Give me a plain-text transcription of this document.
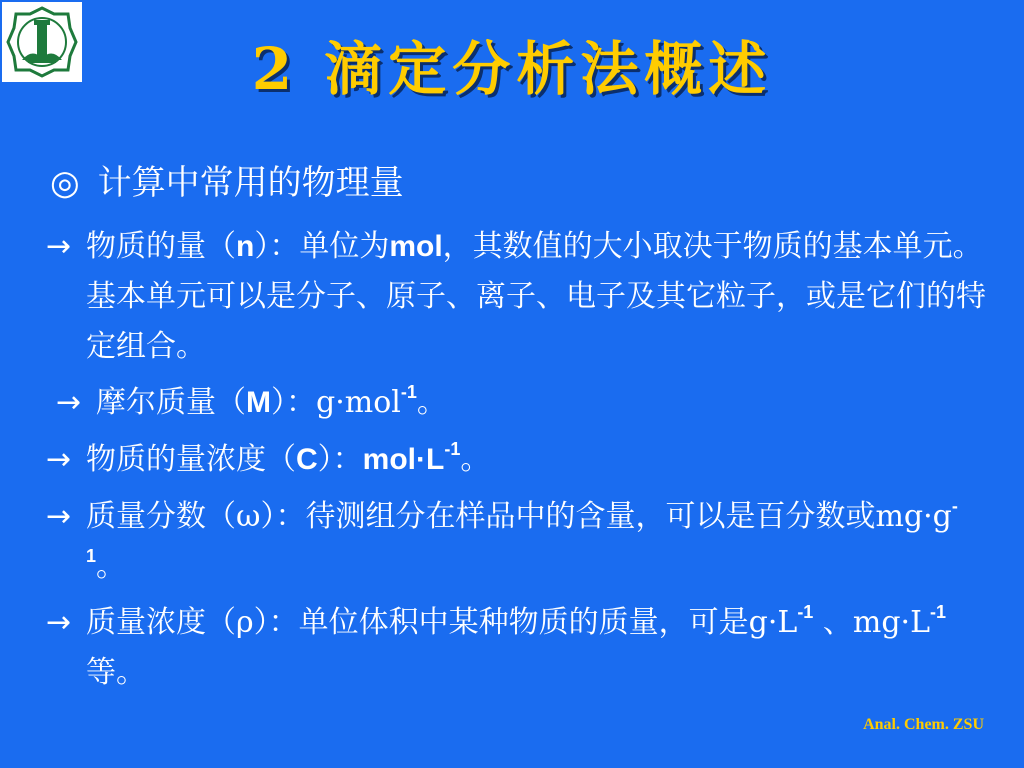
2 滴定分析法概述

◎ 计算中常用的物理量

→ 物质的量（n）：单位为mol，其数值的大小取决于物质的基本单元。基本单元可以是分子、原子、离子、电子及其它粒子，或是它们的特定组合。

→ 摩尔质量（M）：g·mol$^{-1}$。

→ 物质的量浓度（C）：$mol\cdot L^{-1}$。

→ 质量分数（ω）：待测组分在样品中的含量，可以是百分数或$mg\cdot g^{-1}$。

→ 质量浓度（ρ）：单位体积中某种物质的质量，可是$g\cdot L^{-1}$ 、$mg\cdot L^{-1}$等。

Anal. Chem. ZSU
